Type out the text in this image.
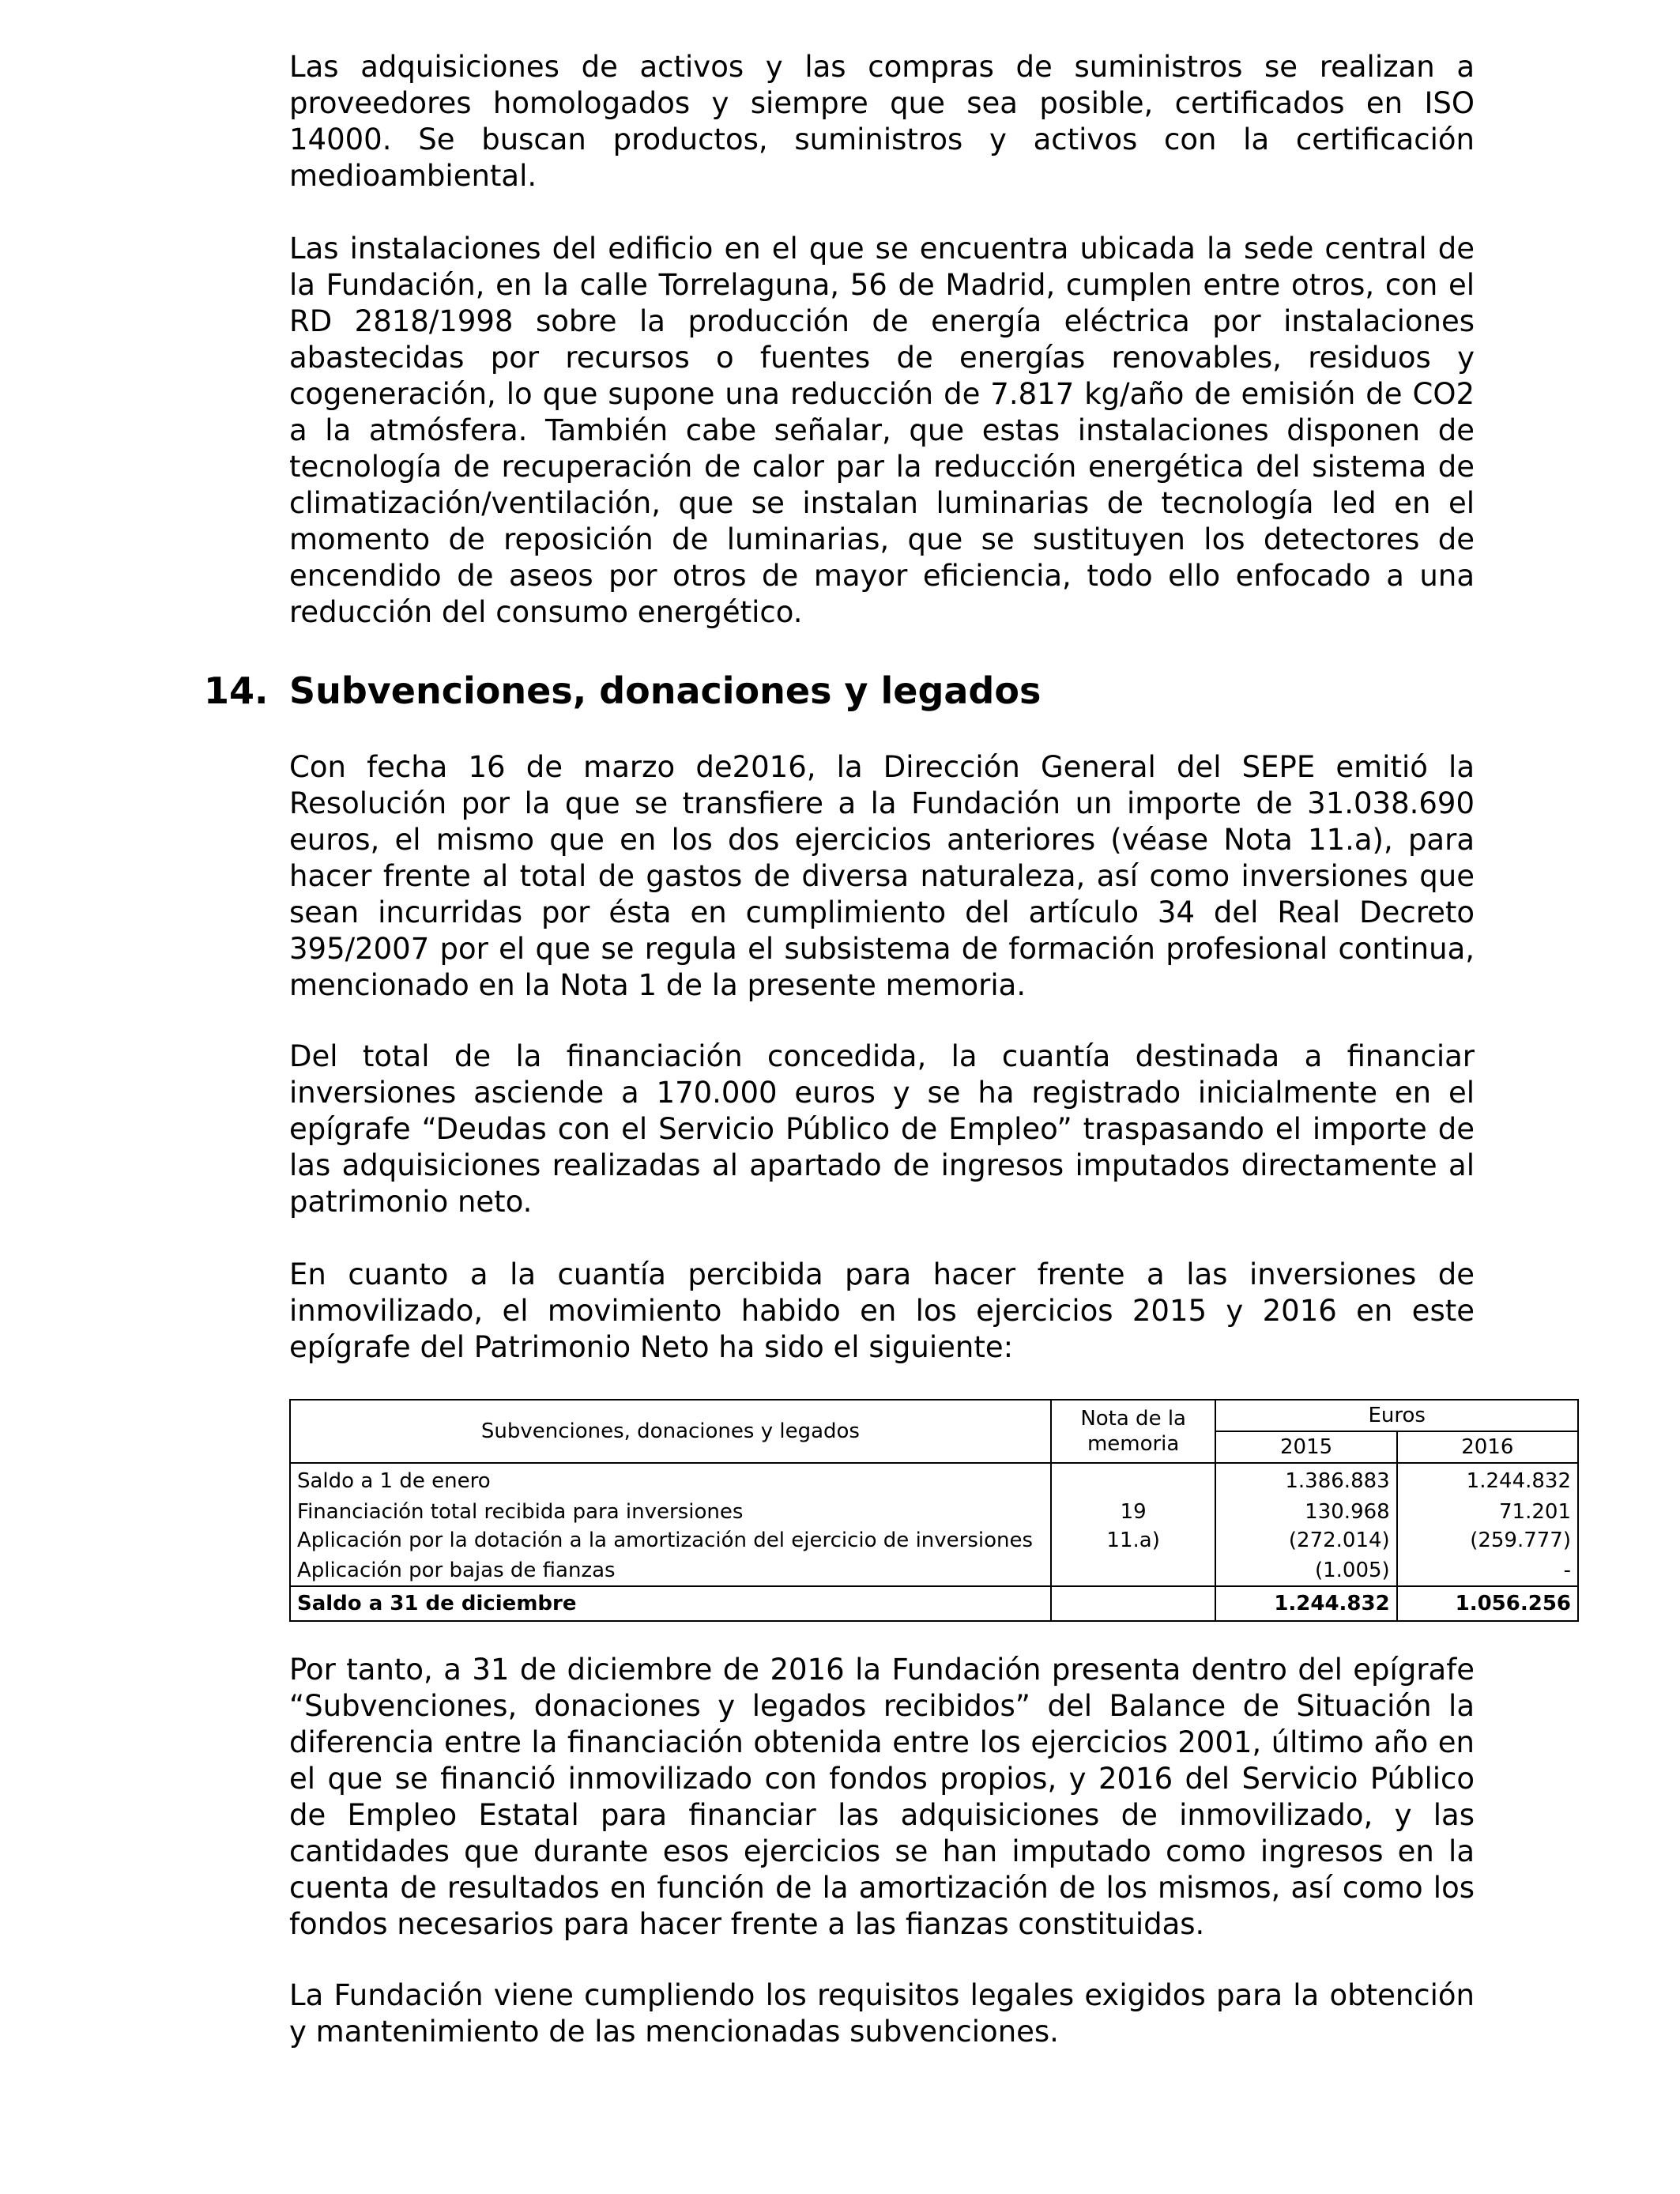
Las adquisiciones de activos y las compras de suministros se realizan a proveedores homologados y siempre que sea posible, certificados en ISO 14000. Se buscan productos, suministros y activos con la certificación medioambiental.

Las instalaciones del edificio en el que se encuentra ubicada la sede central de la Fundación, en la calle Torrelaguna, 56 de Madrid, cumplen entre otros, con el RD 2818/1998 sobre la producción de energía eléctrica por instalaciones abastecidas por recursos o fuentes de energías renovables, residuos y cogeneración, lo que supone una reducción de 7.817 kg/año de emisión de CO2 a la atmósfera. También cabe señalar, que estas instalaciones disponen de tecnología de recuperación de calor par la reducción energética del sistema de climatización/ventilación, que se instalan luminarias de tecnología led en el momento de reposición de luminarias, que se sustituyen los detectores de encendido de aseos por otros de mayor eficiencia, todo ello enfocado a una reducción del consumo energético.

14. Subvenciones, donaciones y legados

Con fecha 16 de marzo de2016, la Dirección General del SEPE emitió la Resolución por la que se transfiere a la Fundación un importe de 31.038.690 euros, el mismo que en los dos ejercicios anteriores (véase Nota 11.a), para hacer frente al total de gastos de diversa naturaleza, así como inversiones que sean incurridas por ésta en cumplimiento del artículo 34 del Real Decreto 395/2007 por el que se regula el subsistema de formación profesional continua, mencionado en la Nota 1 de la presente memoria.

Del total de la financiación concedida, la cuantía destinada a financiar inversiones asciende a 170.000 euros y se ha registrado inicialmente en el epígrafe “Deudas con el Servicio Público de Empleo” traspasando el importe de las adquisiciones realizadas al apartado de ingresos imputados directamente al patrimonio neto.

En cuanto a la cuantía percibida para hacer frente a las inversiones de inmovilizado, el movimiento habido en los ejercicios 2015 y 2016 en este epígrafe del Patrimonio Neto ha sido el siguiente:

Subvenciones, donaciones y legados	Nota de la memoria	Euros	
		2015	2016
Saldo a 1 de enero		1.386.883	1.244.832
Financiación total recibida para inversiones	19	130.968	71.201
Aplicación por la dotación a la amortización del ejercicio de inversiones	11.a)	(272.014)	(259.777)
Aplicación por bajas de fianzas		(1.005)	-
Saldo a 31 de diciembre		1.244.832	1.056.256

Por tanto, a 31 de diciembre de 2016 la Fundación presenta dentro del epígrafe “Subvenciones, donaciones y legados recibidos” del Balance de Situación la diferencia entre la financiación obtenida entre los ejercicios 2001, último año en el que se financió inmovilizado con fondos propios, y 2016 del Servicio Público de Empleo Estatal para financiar las adquisiciones de inmovilizado, y las cantidades que durante esos ejercicios se han imputado como ingresos en la cuenta de resultados en función de la amortización de los mismos, así como los fondos necesarios para hacer frente a las fianzas constituidas.

La Fundación viene cumpliendo los requisitos legales exigidos para la obtención y mantenimiento de las mencionadas subvenciones.
